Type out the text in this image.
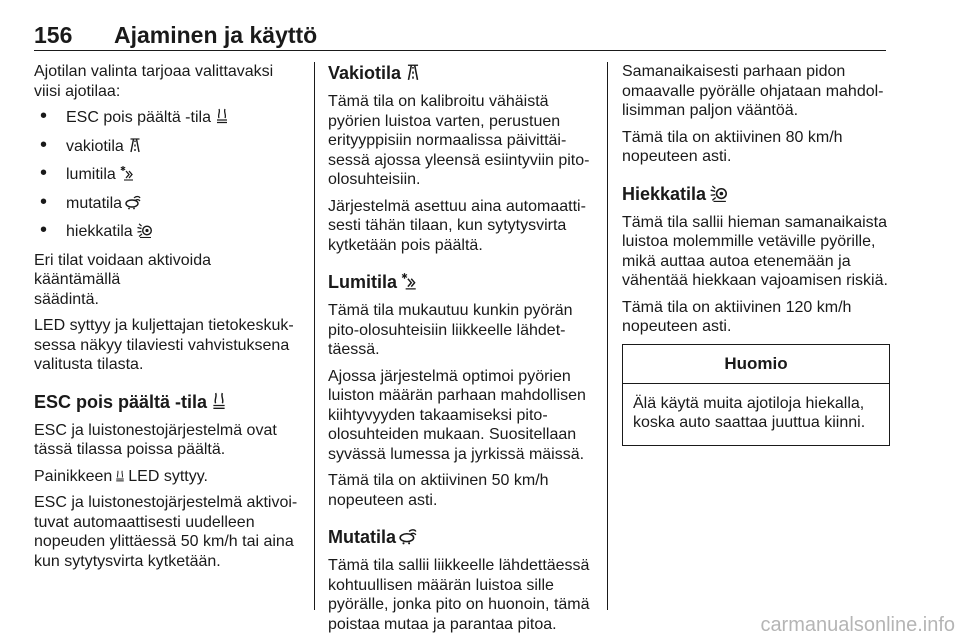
156 Ajaminen ja käyttö

Ajotilan valinta tarjoaa valittavaksi
viisi ajotilaa:

• ESC pois päältä -tila
• vakiotila
• lumitila
• mutatila
• hiekkatila

Eri tilat voidaan aktivoida kääntämällä
säädintä.

LED syttyy ja kuljettajan tietokeskuk-
sessa näkyy tilaviesti vahvistuksena
valitusta tilasta.

ESC pois päältä -tila

ESC ja luistonestojärjestelmä ovat
tässä tilassa poissa päältä.

Painikkeen LED syttyy.

ESC ja luistonestojärjestelmä aktivoi-
tuvat automaattisesti uudelleen
nopeuden ylittäessä 50 km/h tai aina
kun sytytysvirta kytketään.

Vakiotila

Tämä tila on kalibroitu vähäistä
pyörien luistoa varten, perustuen
erityyppisiin normaalissa päivittäi-
sessä ajossa yleensä esiintyviin pito-
olosuhteisiin.

Järjestelmä asettuu aina automaatti-
sesti tähän tilaan, kun sytytysvirta
kytketään pois päältä.

Lumitila

Tämä tila mukautuu kunkin pyörän
pito-olosuhteisiin liikkeelle lähdet-
täessä.

Ajossa järjestelmä optimoi pyörien
luiston määrän parhaan mahdollisen
kiihtyvyyden takaamiseksi pito-
olosuhteiden mukaan. Suositellaan
syvässä lumessa ja jyrkissä mäissä.

Tämä tila on aktiivinen 50 km/h
nopeuteen asti.

Mutatila

Tämä tila sallii liikkeelle lähdettäessä
kohtuullisen määrän luistoa sille
pyörälle, jonka pito on huonoin, tämä
poistaa mutaa ja parantaa pitoa.

Samanaikaisesti parhaan pidon
omaavalle pyörälle ohjataan mahdol-
lisimman paljon vääntöä.

Tämä tila on aktiivinen 80 km/h
nopeuteen asti.

Hiekkatila

Tämä tila sallii hieman samanaikaista
luistoa molemmille vetäville pyörille,
mikä auttaa autoa etenemään ja
vähentää hiekkaan vajoamisen riskiä.

Tämä tila on aktiivinen 120 km/h
nopeuteen asti.

Huomio

Älä käytä muita ajotiloja hiekalla,
koska auto saattaa juuttua kiinni.

carmanualsonline.info
